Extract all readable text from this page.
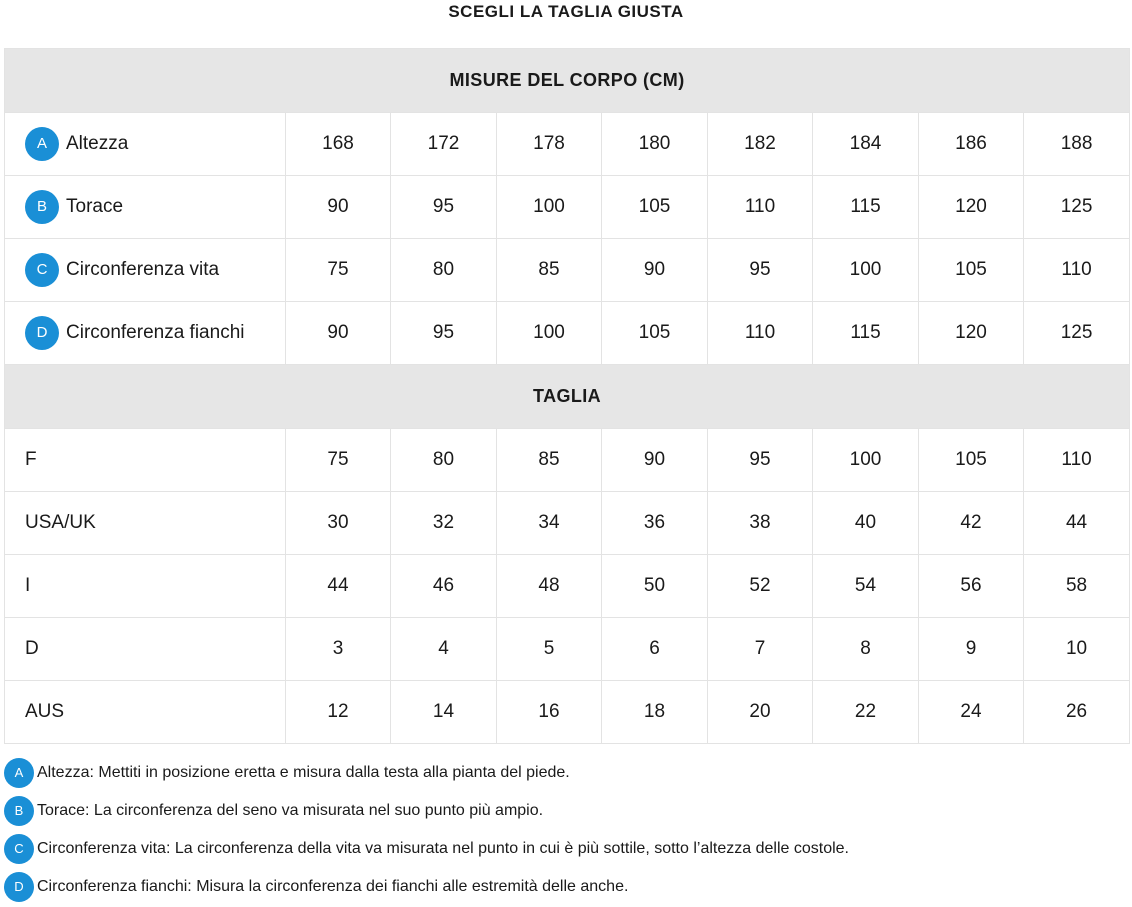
SCEGLI LA TAGLIA GIUSTA
MISURE DEL CORPO (CM)								
A Altezza	168	172	178	180	182	184	186	188
B Torace	90	95	100	105	110	115	120	125
C Circonferenza vita	75	80	85	90	95	100	105	110
D Circonferenza fianchi	90	95	100	105	110	115	120	125
TAGLIA								
F	75	80	85	90	95	100	105	110
USA/UK	30	32	34	36	38	40	42	44
I	44	46	48	50	52	54	56	58
D	3	4	5	6	7	8	9	10
AUS	12	14	16	18	20	22	24	26
A Altezza: Mettiti in posizione eretta e misura dalla testa alla pianta del piede.
B Torace: La circonferenza del seno va misurata nel suo punto più ampio.
C Circonferenza vita: La circonferenza della vita va misurata nel punto in cui è più sottile, sotto l’altezza delle costole.
D Circonferenza fianchi: Misura la circonferenza dei fianchi alle estremità delle anche.
